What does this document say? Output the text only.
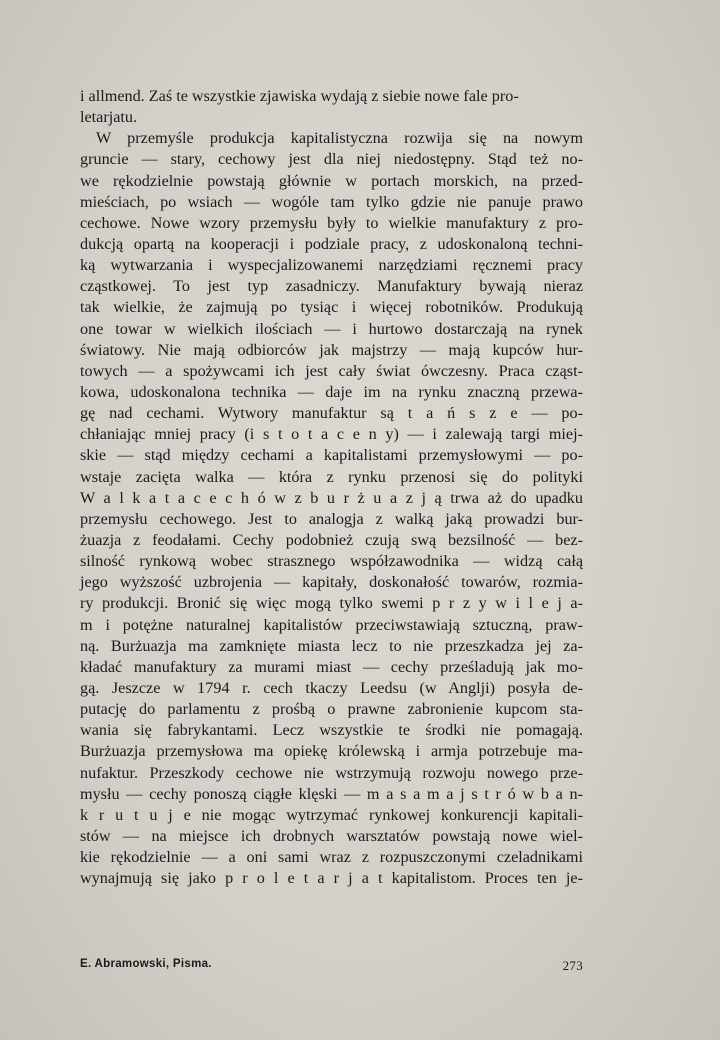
i allmend. Zaś te wszystkie zjawiska wydają z siebie nowe fale pro-
letarjatu.
W przemyśle produkcja kapitalistyczna rozwija się na nowym
gruncie — stary, cechowy jest dla niej niedostępny. Stąd też no-
we rękodzielnie powstają głównie w portach morskich, na przed-
mieściach, po wsiach — wogóle tam tylko gdzie nie panuje prawo
cechowe. Nowe wzory przemysłu były to wielkie manufaktury z pro-
dukcją opartą na kooperacji i podziale pracy, z udoskonaloną techni-
ką wytwarzania i wyspecjalizowanemi narzędziami ręcznemi pracy
cząstkowej. To jest typ zasadniczy. Manufaktury bywają nieraz
tak wielkie, że zajmują po tysiąc i więcej robotników. Produkują
one towar w wielkich ilościach — i hurtowo dostarczają na rynek
światowy. Nie mają odbiorców jak majstrzy — mają kupców hur-
towych — a spożywcami ich jest cały świat ówczesny. Praca cząst-
kowa, udoskonalona technika — daje im na rynku znaczną przewa-
gę nad cechami. Wytwory manufaktur są t a ń s z e — po-
chłaniając mniej pracy (i s t o t a c e n y) — i zalewają targi miej-
skie — stąd między cechami a kapitalistami przemysłowymi — po-
wstaje zacięta walka — która z rynku przenosi się do polityki
W a l k a t a c e c h ó w z b u r ż u a z j ą trwa aż do upadku
przemysłu cechowego. Jest to analogja z walką jaką prowadzi bur-
żuazja z feodałami. Cechy podobnież czują swą bezsilność — bez-
silność rynkową wobec strasznego współzawodnika — widzą całą
jego wyższość uzbrojenia — kapitały, doskonałość towarów, rozmia-
ry produkcji. Bronić się więc mogą tylko swemi p r z y w i l e j a-
m i potężne naturalnej kapitalistów przeciwstawiają sztuczną, praw-
ną. Burżuazja ma zamknięte miasta lecz to nie przeszkadza jej za-
kładać manufaktury za murami miast — cechy prześladują jak mo-
gą. Jeszcze w 1794 r. cech tkaczy Leedsu (w Anglji) posyła de-
putację do parlamentu z prośbą o prawne zabronienie kupcom sta-
wania się fabrykantami. Lecz wszystkie te środki nie pomagają.
Burżuazja przemysłowa ma opiekę królewską i armja potrzebuje ma-
nufaktur. Przeszkody cechowe nie wstrzymują rozwoju nowego prze-
mysłu — cechy ponoszą ciągłe klęski — m a s a m a j s t r ó w b a n-
k r u t u j e nie mogąc wytrzymać rynkowej konkurencji kapitali-
stów — na miejsce ich drobnych warsztatów powstają nowe wiel-
kie rękodzielnie — a oni sami wraz z rozpuszczonymi czeladnikami
wynajmują się jako p r o l e t a r j a t kapitalistom. Proces ten je-
E. Abramowski, Pisma.	273
